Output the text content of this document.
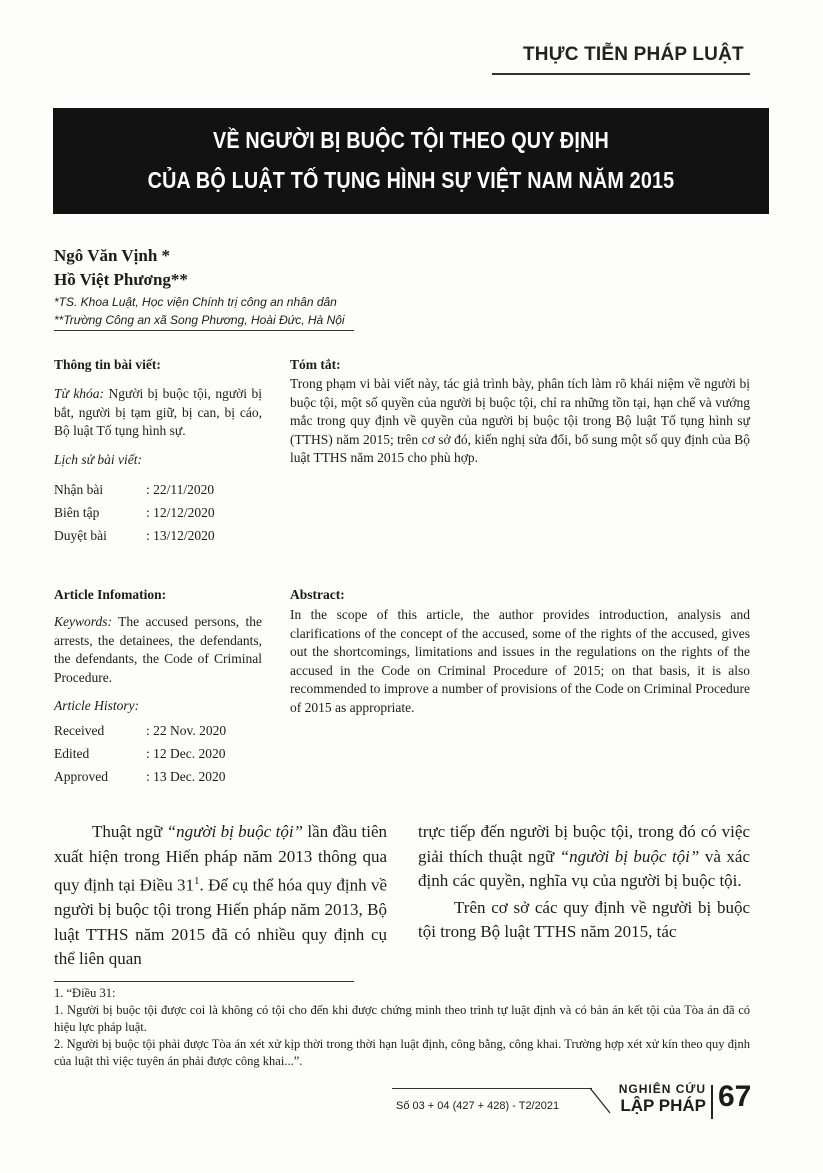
THỰC TIỄN PHÁP LUẬT
VỀ NGƯỜI BỊ BUỘC TỘI THEO QUY ĐỊNH
CỦA BỘ LUẬT TỐ TỤNG HÌNH SỰ VIỆT NAM NĂM 2015
Ngô Văn Vịnh *
Hồ Việt Phương**
*TS. Khoa Luật, Học viện Chính trị công an nhân dân
**Trường Công an xã Song Phương, Hoài Đức, Hà Nội
Thông tin bài viết:
Từ khóa: Người bị buộc tội, người bị bắt, người bị tạm giữ, bị can, bị cáo, Bộ luật Tố tụng hình sự.
Lịch sử bài viết:
Nhận bài	: 22/11/2020
Biên tập	: 12/12/2020
Duyệt bài	: 13/12/2020
Tóm tắt:
Trong phạm vi bài viết này, tác giả trình bày, phân tích làm rõ khái niệm về người bị buộc tội, một số quyền của người bị buộc tội, chỉ ra những tồn tại, hạn chế và vướng mắc trong quy định về quyền của người bị buộc tội trong Bộ luật Tố tụng hình sự (TTHS) năm 2015; trên cơ sở đó, kiến nghị sửa đổi, bổ sung một số quy định của Bộ luật TTHS năm 2015 cho phù hợp.
Article Infomation:
Keywords: The accused persons, the arrests, the detainees, the defendants, the defendants, the Code of Criminal Procedure.
Article History:
Received	: 22 Nov. 2020
Edited	: 12 Dec. 2020
Approved	: 13 Dec. 2020
Abstract:
In the scope of this article, the author provides introduction, analysis and clarifications of the concept of the accused, some of the rights of the accused, gives out the shortcomings, limitations and issues in the regulations on the rights of the accused in the Code on Criminal Procedure of 2015; on that basis, it is also recommended to improve a number of provisions of the Code on Criminal Procedure of 2015 as appropriate.
Thuật ngữ “người bị buộc tội” lần đầu tiên xuất hiện trong Hiến pháp năm 2013 thông qua quy định tại Điều $31^1$. Để cụ thể hóa quy định về người bị buộc tội trong Hiến pháp năm 2013, Bộ luật TTHS năm 2015 đã có nhiều quy định cụ thể liên quan
trực tiếp đến người bị buộc tội, trong đó có việc giải thích thuật ngữ “người bị buộc tội” và xác định các quyền, nghĩa vụ của người bị buộc tội.
Trên cơ sở các quy định về người bị buộc tội trong Bộ luật TTHS năm 2015, tác
1. “Điều 31:
1. Người bị buộc tội được coi là không có tội cho đến khi được chứng minh theo trình tự luật định và có bản án kết tội của Tòa án đã có hiệu lực pháp luật.
2. Người bị buộc tội phải được Tòa án xét xử kịp thời trong thời hạn luật định, công bằng, công khai. Trường hợp xét xử kín theo quy định của luật thì việc tuyên án phải được công khai...”.
Số 03 + 04 (427 + 428) - T2/2021
NGHIÊN CỨU
LẬP PHÁP 67
